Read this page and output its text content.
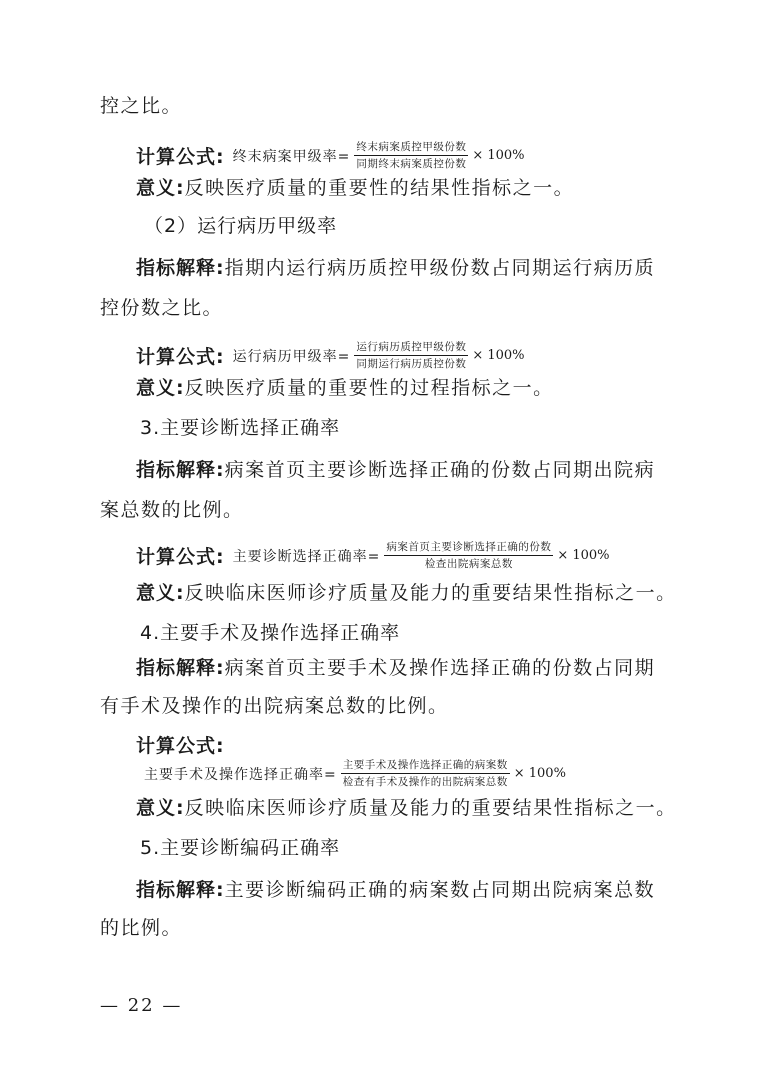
控之比。
计算公式: 终末病案甲级率= $\frac{\text{终末病案质控甲级份数}}{\text{同期终末病案质控份数}} \times 100\%$
意义:反映医疗质量的重要性的结果性指标之一。
（2）运行病历甲级率
指标解释:指期内运行病历质控甲级份数占同期运行病历质
控份数之比。
计算公式: 运行病历甲级率= $\frac{\text{运行病历质控甲级份数}}{\text{同期运行病历质控份数}} \times 100\%$
意义:反映医疗质量的重要性的过程指标之一。
3.主要诊断选择正确率
指标解释:病案首页主要诊断选择正确的份数占同期出院病
案总数的比例。
计算公式: 主要诊断选择正确率= $\frac{\text{病案首页主要诊断选择正确的份数}}{\text{检查出院病案总数}} \times 100\%$
意义:反映临床医师诊疗质量及能力的重要结果性指标之一。
4.主要手术及操作选择正确率
指标解释:病案首页主要手术及操作选择正确的份数占同期
有手术及操作的出院病案总数的比例。
计算公式:
主要手术及操作选择正确率= $\frac{\text{主要手术及操作选择正确的病案数}}{\text{检查有手术及操作的出院病案总数}} \times 100\%$
意义:反映临床医师诊疗质量及能力的重要结果性指标之一。
5.主要诊断编码正确率
指标解释:主要诊断编码正确的病案数占同期出院病案总数
的比例。
— 22 —
